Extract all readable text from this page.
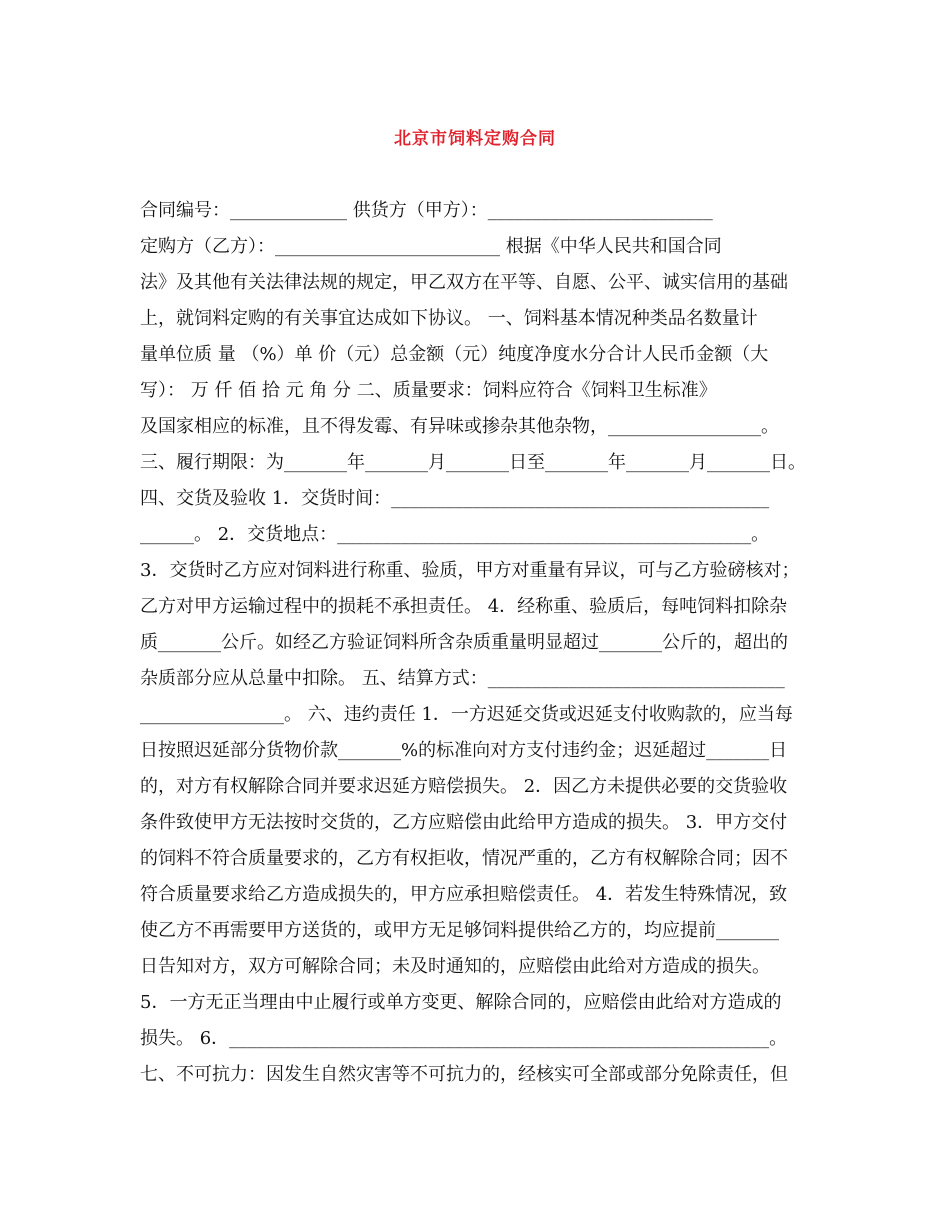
北京市饲料定购合同
合同编号：_____________ 供货方（甲方）：_________________________
定购方（乙方）：_________________________ 根据《中华人民共和国合同
法》及其他有关法律法规的规定，甲乙双方在平等、自愿、公平、诚实信用的基础
上，就饲料定购的有关事宜达成如下协议。 一、饲料基本情况种类品名数量计
量单位质 量 （%）单 价（元）总金额（元）纯度净度水分合计人民币金额（大
写）： 万 仟 佰 拾 元 角 分 二、质量要求：饲料应符合《饲料卫生标准》
及国家相应的标准，且不得发霉、有异味或掺杂其他杂物，_________________。
三、履行期限：为_______年_______月_______日至_______年_______月_______日。
四、交货及验收 1．交货时间：__________________________________________
______。 2．交货地点：______________________________________________。
3．交货时乙方应对饲料进行称重、验质，甲方对重量有异议，可与乙方验磅核对；
乙方对甲方运输过程中的损耗不承担责任。 4．经称重、验质后，每吨饲料扣除杂
质_______公斤。如经乙方验证饲料所含杂质重量明显超过_______公斤的，超出的
杂质部分应从总量中扣除。 五、结算方式：_________________________________
________________。 六、违约责任 1．一方迟延交货或迟延支付收购款的，应当每
日按照迟延部分货物价款_______%的标准向对方支付违约金；迟延超过_______日
的，对方有权解除合同并要求迟延方赔偿损失。 2．因乙方未提供必要的交货验收
条件致使甲方无法按时交货的，乙方应赔偿由此给甲方造成的损失。 3．甲方交付
的饲料不符合质量要求的，乙方有权拒收，情况严重的，乙方有权解除合同；因不
符合质量要求给乙方造成损失的，甲方应承担赔偿责任。 4．若发生特殊情况，致
使乙方不再需要甲方送货的，或甲方无足够饲料提供给乙方的，均应提前_______
日告知对方，双方可解除合同；未及时通知的，应赔偿由此给对方造成的损失。
5．一方无正当理由中止履行或单方变更、解除合同的，应赔偿由此给对方造成的
损失。 6．____________________________________________________________。
七、不可抗力：因发生自然灾害等不可抗力的，经核实可全部或部分免除责任，但
